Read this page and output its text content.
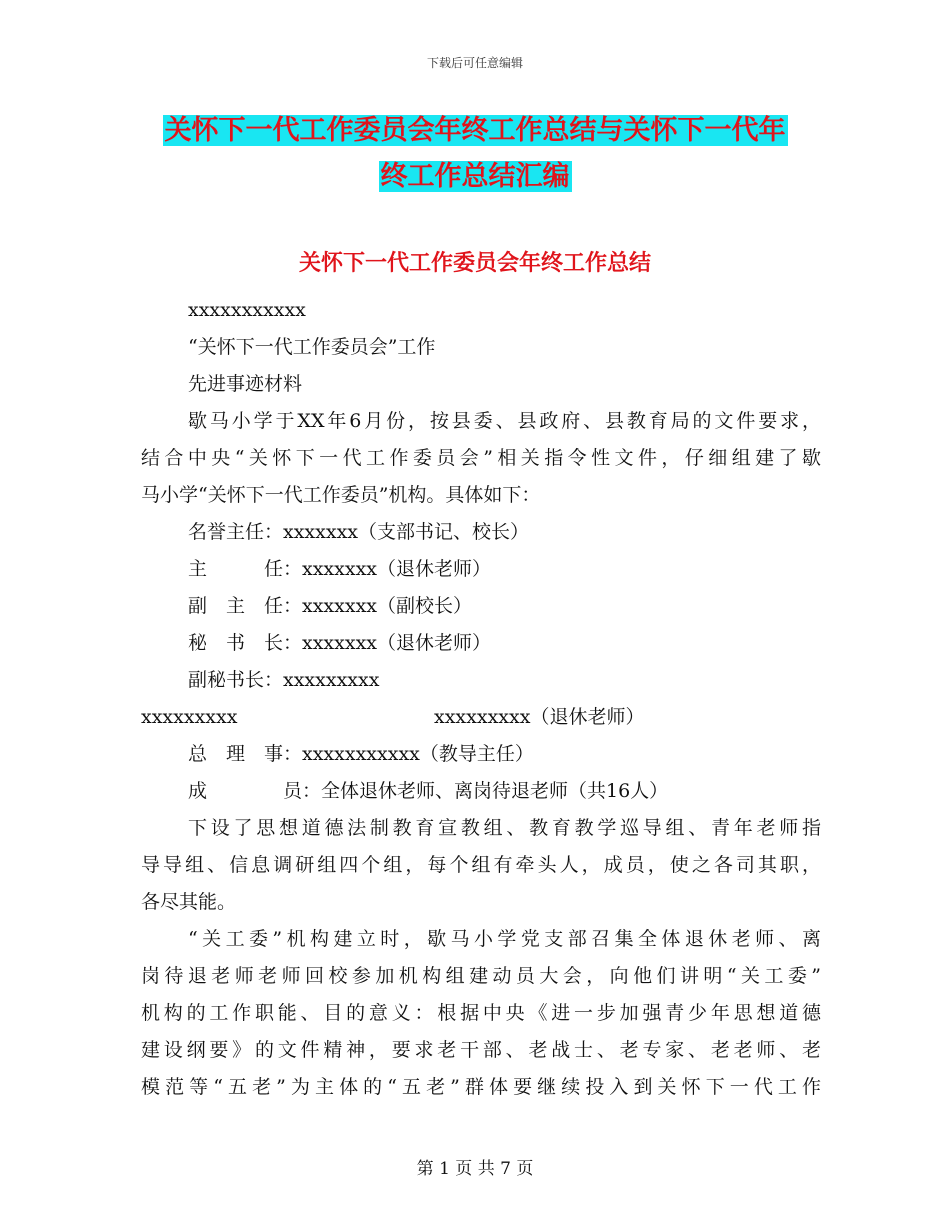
下载后可任意编辑
关怀下一代工作委员会年终工作总结与关怀下一代年
终工作总结汇编
关怀下一代工作委员会年终工作总结
xxxxxxxxxxx
“关怀下一代工作委员会”工作
先进事迹材料
歇马小学于XX年6月份，按县委、县政府、县教育局的文件要求，
结合中央“关怀下一代工作委员会”相关指令性文件，仔细组建了歇
马小学“关怀下一代工作委员”机构。具体如下：
名誉主任：xxxxxxx（支部书记、校长）
主　　　任：xxxxxxx（退休老师）
副　主　任：xxxxxxx（副校长）
秘　书　长：xxxxxxx（退休老师）
副秘书长：xxxxxxxxx
xxxxxxxxx	xxxxxxxxx（退休老师）
总　理　事：xxxxxxxxxxx（教导主任）
成　　　　员：全体退休老师、离岗待退老师（共16人）
下设了思想道德法制教育宣教组、教育教学巡导组、青年老师指
导导组、信息调研组四个组，每个组有牵头人，成员，使之各司其职，
各尽其能。
“关工委”机构建立时，歇马小学党支部召集全体退休老师、离
岗待退老师老师回校参加机构组建动员大会，向他们讲明“关工委”
机构的工作职能、目的意义：根据中央《进一步加强青少年思想道德
建设纲要》的文件精神，要求老干部、老战士、老专家、老老师、老
模范等“五老”为主体的“五老”群体要继续投入到关怀下一代工作
第 1 页 共 7 页
